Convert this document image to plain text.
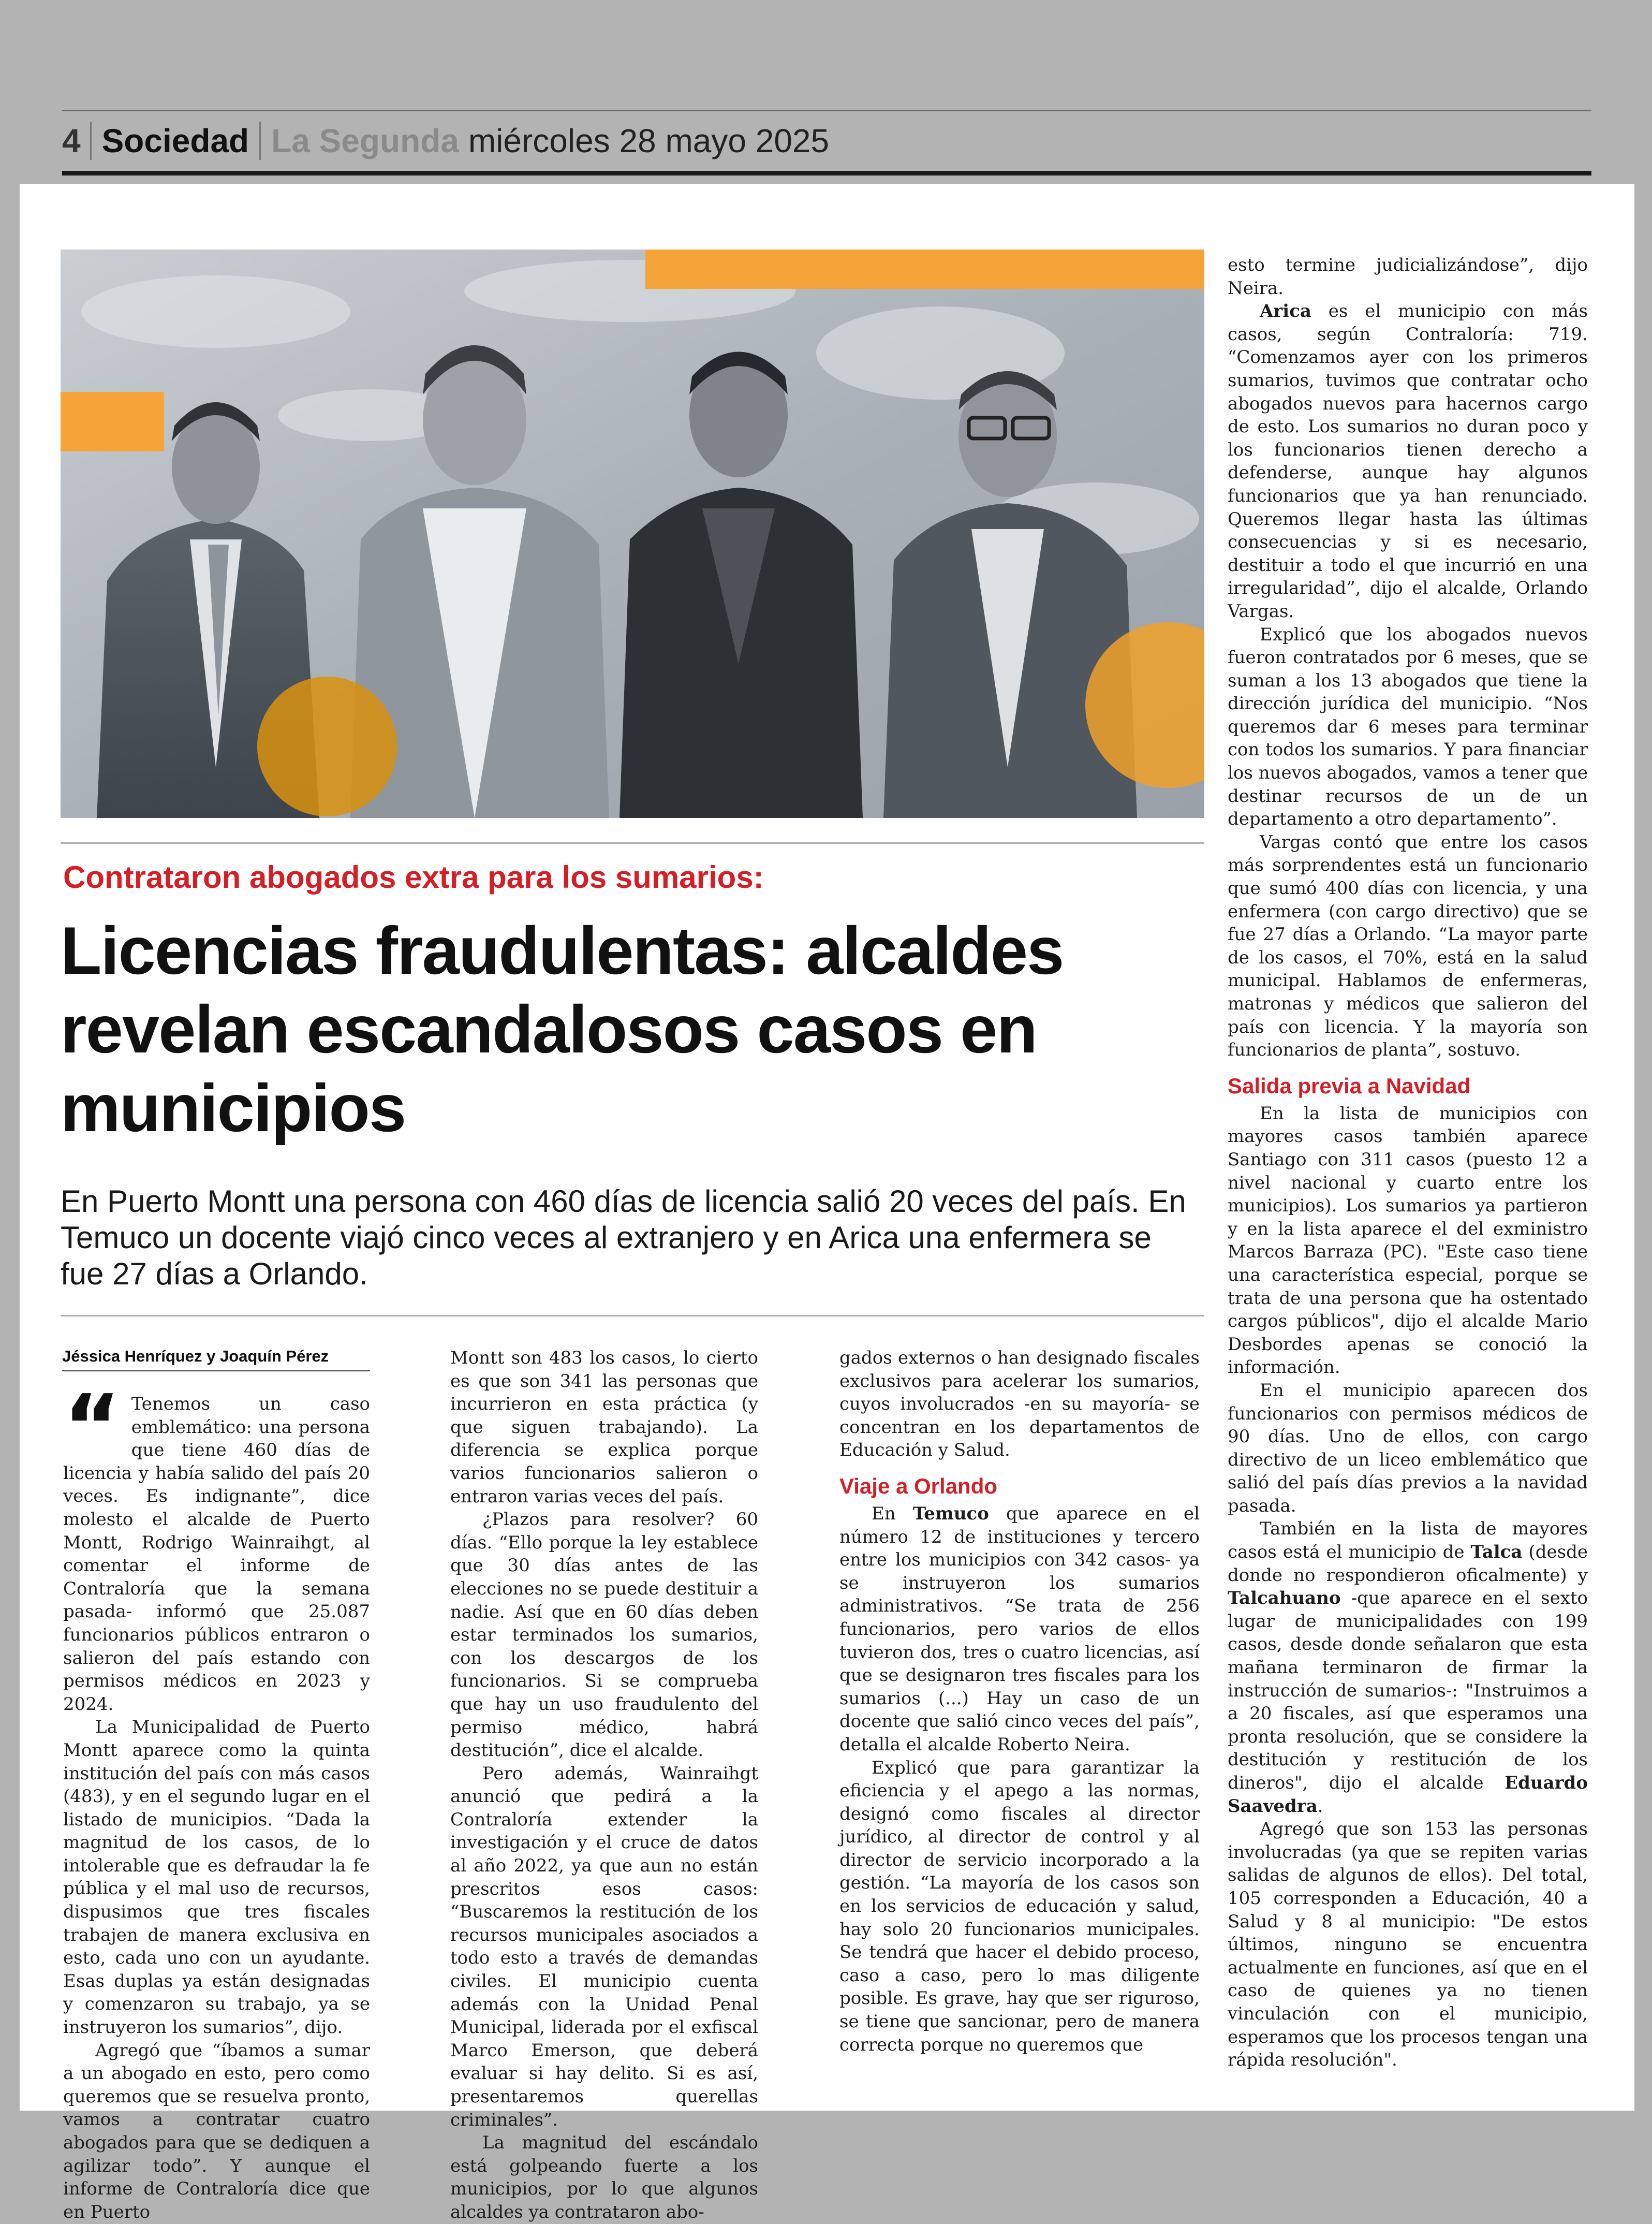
4 Sociedad La Segunda miércoles 28 mayo 2025
Contrataron abogados extra para los sumarios:
Licencias fraudulentas: alcaldes revelan escandalosos casos en municipios

En Puerto Montt una persona con 460 días de licencia salió 20 veces del país. En Temuco un docente viajó cinco veces al extranjero y en Arica una enfermera se fue 27 días a Orlando.

Jéssica Henríquez y Joaquín Pérez

“ Tenemos un caso emblemático: una persona que tiene 460 días de licencia y había salido del país 20 veces. Es indignante”, dice molesto el alcalde de Puerto Montt, Rodrigo Wainraihgt, al comentar el informe de Contraloría que la semana pasada- informó que 25.087 funcionarios públicos entraron o salieron del país estando con permisos médicos en 2023 y 2024.

La Municipalidad de Puerto Montt aparece como la quinta institución del país con más casos (483), y en el segundo lugar en el listado de municipios. “Dada la magnitud de los casos, de lo intolerable que es defraudar la fe pública y el mal uso de recursos, dispusimos que tres fiscales trabajen de manera exclusiva en esto, cada uno con un ayudante. Esas duplas ya están designadas y comenzaron su trabajo, ya se instruyeron los sumarios”, dijo.

Agregó que “íbamos a sumar a un abogado en esto, pero como queremos que se resuelva pronto, vamos a contratar cuatro abogados para que se dediquen a agilizar todo”. Y aunque el informe de Contraloría dice que en Puerto

Montt son 483 los casos, lo cierto es que son 341 las personas que incurrieron en esta práctica (y que siguen trabajando). La diferencia se explica porque varios funcionarios salieron o entraron varias veces del país.

¿Plazos para resolver? 60 días. “Ello porque la ley establece que 30 días antes de las elecciones no se puede destituir a nadie. Así que en 60 días deben estar terminados los sumarios, con los descargos de los funcionarios. Si se comprueba que hay un uso fraudulento del permiso médico, habrá destitución”, dice el alcalde.

Pero además, Wainraihgt anunció que pedirá a la Contraloría extender la investigación y el cruce de datos al año 2022, ya que aun no están prescritos esos casos: “Buscaremos la restitución de los recursos municipales asociados a todo esto a través de demandas civiles. El municipio cuenta además con la Unidad Penal Municipal, liderada por el exfiscal Marco Emerson, que deberá evaluar si hay delito. Si es así, presentaremos querellas criminales”.

La magnitud del escándalo está golpeando fuerte a los municipios, por lo que algunos alcaldes ya contrataron abo-

gados externos o han designado fiscales exclusivos para acelerar los sumarios, cuyos involucrados -en su mayoría- se concentran en los departamentos de Educación y Salud.

Viaje a Orlando

En Temuco que aparece en el número 12 de instituciones y tercero entre los municipios con 342 casos- ya se instruyeron los sumarios administrativos. “Se trata de 256 funcionarios, pero varios de ellos tuvieron dos, tres o cuatro licencias, así que se designaron tres fiscales para los sumarios (...) Hay un caso de un docente que salió cinco veces del país”, detalla el alcalde Roberto Neira.

Explicó que para garantizar la eficiencia y el apego a las normas, designó como fiscales al director jurídico, al director de control y al director de servicio incorporado a la gestión. “La mayoría de los casos son en los servicios de educación y salud, hay solo 20 funcionarios municipales. Se tendrá que hacer el debido proceso, caso a caso, pero lo mas diligente posible. Es grave, hay que ser riguroso, se tiene que sancionar, pero de manera correcta porque no queremos que

esto termine judicializándose”, dijo Neira.

Arica es el municipio con más casos, según Contraloría: 719. “Comenzamos ayer con los primeros sumarios, tuvimos que contratar ocho abogados nuevos para hacernos cargo de esto. Los sumarios no duran poco y los funcionarios tienen derecho a defenderse, aunque hay algunos funcionarios que ya han renunciado. Queremos llegar hasta las últimas consecuencias y si es necesario, destituir a todo el que incurrió en una irregularidad”, dijo el alcalde, Orlando Vargas.

Explicó que los abogados nuevos fueron contratados por 6 meses, que se suman a los 13 abogados que tiene la dirección jurídica del municipio. “Nos queremos dar 6 meses para terminar con todos los sumarios. Y para financiar los nuevos abogados, vamos a tener que destinar recursos de un de un departamento a otro departamento”.

Vargas contó que entre los casos más sorprendentes está un funcionario que sumó 400 días con licencia, y una enfermera (con cargo directivo) que se fue 27 días a Orlando. “La mayor parte de los casos, el 70%, está en la salud municipal. Hablamos de enfermeras, matronas y médicos que salieron del país con licencia. Y la mayoría son funcionarios de planta”, sostuvo.

Salida previa a Navidad

En la lista de municipios con mayores casos también aparece Santiago con 311 casos (puesto 12 a nivel nacional y cuarto entre los municipios). Los sumarios ya partieron y en la lista aparece el del exministro Marcos Barraza (PC). "Este caso tiene una característica especial, porque se trata de una persona que ha ostentado cargos públicos", dijo el alcalde Mario Desbordes apenas se conoció la información.

En el municipio aparecen dos funcionarios con permisos médicos de 90 días. Uno de ellos, con cargo directivo de un liceo emblemático que salió del país días previos a la navidad pasada.

También en la lista de mayores casos está el municipio de Talca (desde donde no respondieron oficalmente) y Talcahuano -que aparece en el sexto lugar de municipalidades con 199 casos, desde donde señalaron que esta mañana terminaron de firmar la instrucción de sumarios-: "Instruimos a a 20 fiscales, así que esperamos una pronta resolución, que se considere la destitución y restitución de los dineros", dijo el alcalde Eduardo Saavedra.

Agregó que son 153 las personas involucradas (ya que se repiten varias salidas de algunos de ellos). Del total, 105 corresponden a Educación, 40 a Salud y 8 al municipio: "De estos últimos, ninguno se encuentra actualmente en funciones, así que en el caso de quienes ya no tienen vinculación con el municipio, esperamos que los procesos tengan una rápida resolución".
